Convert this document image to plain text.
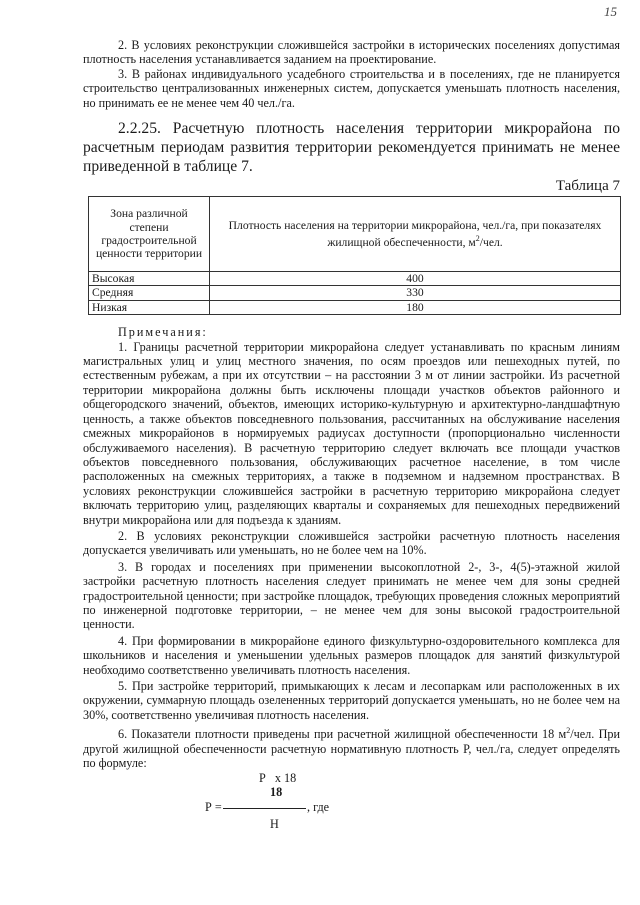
15

2. В условиях реконструкции сложившейся застройки в исторических поселениях допустимая плотность населения устанавливается заданием на проектирование.

3. В районах индивидуального усадебного строительства и в поселениях, где не планируется строительство централизованных инженерных систем, допускается уменьшать плотность населения, но принимать ее не менее чем 40 чел./га.

2.2.25. Расчетную плотность населения территории микрорайона по расчетным периодам развития территории рекомендуется принимать не менее приведенной в таблице 7.

Таблица 7
Зона различной степени градостроительной ценности территории	Плотность населения на территории микрорайона, чел./га, при показателях жилищной обеспеченности, $м^2$/чел.
Высокая	400
Средняя	330
Низкая	180
Примечания:

1. Границы расчетной территории микрорайона следует устанавливать по красным линиям магистральных улиц и улиц местного значения, по осям проездов или пешеходных путей, по естественным рубежам, а при их отсутствии – на расстоянии 3 м от линии застройки. Из расчетной территории микрорайона должны быть исключены площади участков объектов районного и общегородского значений, объектов, имеющих историко-культурную и архитектурно-ландшафтную ценность, а также объектов повседневного пользования, рассчитанных на обслуживание населения смежных микрорайонов в нормируемых радиусах доступности (пропорционально численности обслуживаемого населения). В расчетную территорию следует включать все площади участков объектов повседневного пользования, обслуживающих расчетное население, в том числе расположенных на смежных территориях, а также в подземном и надземном пространствах. В условиях реконструкции сложившейся застройки в расчетную территорию микрорайона следует включать территорию улиц, разделяющих кварталы и сохраняемых для пешеходных передвижений внутри микрорайона или для подъезда к зданиям.

2. В условиях реконструкции сложившейся застройки расчетную плотность населения допускается увеличивать или уменьшать, но не более чем на 10%.

3. В городах и поселениях при применении высокоплотной 2-, 3-, 4(5)-этажной жилой застройки расчетную плотность населения следует принимать не менее чем для зоны средней градостроительной ценности; при застройке площадок, требующих проведения сложных мероприятий по инженерной подготовке территории, – не менее чем для зоны высокой градостроительной ценности.

4. При формировании в микрорайоне единого физкультурно-оздоровительного комплекса для школьников и населения и уменьшении удельных размеров площадок для занятий физкультурой необходимо соответственно увеличивать плотность населения.

5. При застройке территорий, примыкающих к лесам и лесопаркам или расположенных в их окружении, суммарную площадь озелененных территорий допускается уменьшать, но не более чем на 30%, соответственно увеличивая плотность населения.

6. Показатели плотности приведены при расчетной жилищной обеспеченности 18 $м^2$/чел. При другой жилищной обеспеченности расчетную нормативную плотность Р, чел./га, следует определять по формуле:

Р   х 18
18
Р =	, где
Н
